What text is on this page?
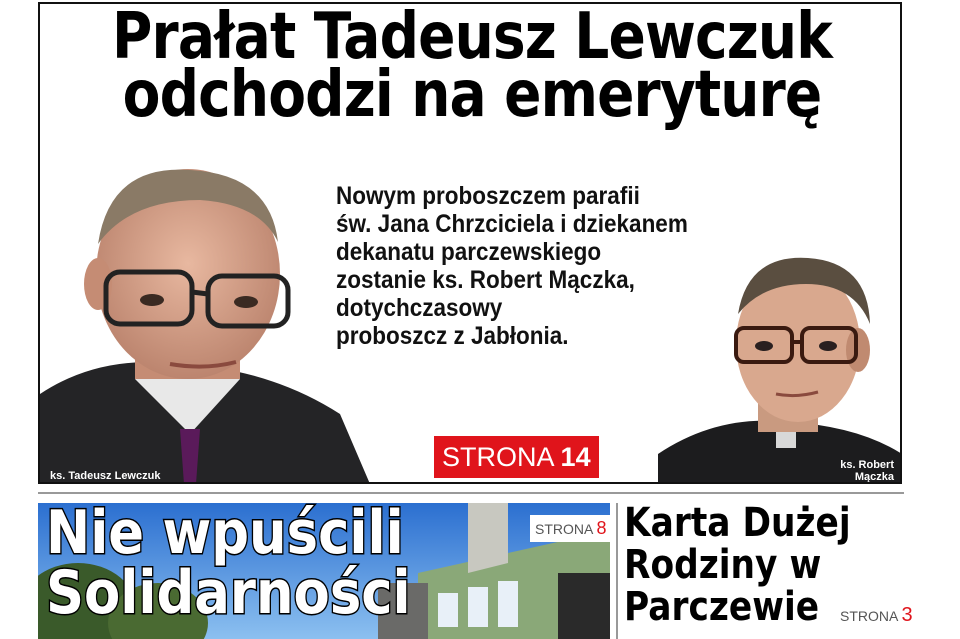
Prałat Tadeusz Lewczuk
odchodzi na emeryturę

Nowym proboszczem parafii
św. Jana Chrzciciela i dziekanem
dekanatu parczewskiego
zostanie ks. Robert Mączka,
dotychczasowy
proboszcz z Jabłonia.

STRONA 14
ks. Tadeusz Lewczuk
ks. Robert
Mączka
Nie wpuścili
Solidarności
STRONA 8 Karta Dużej
Rodziny w
Parczewie	STRONA 3
